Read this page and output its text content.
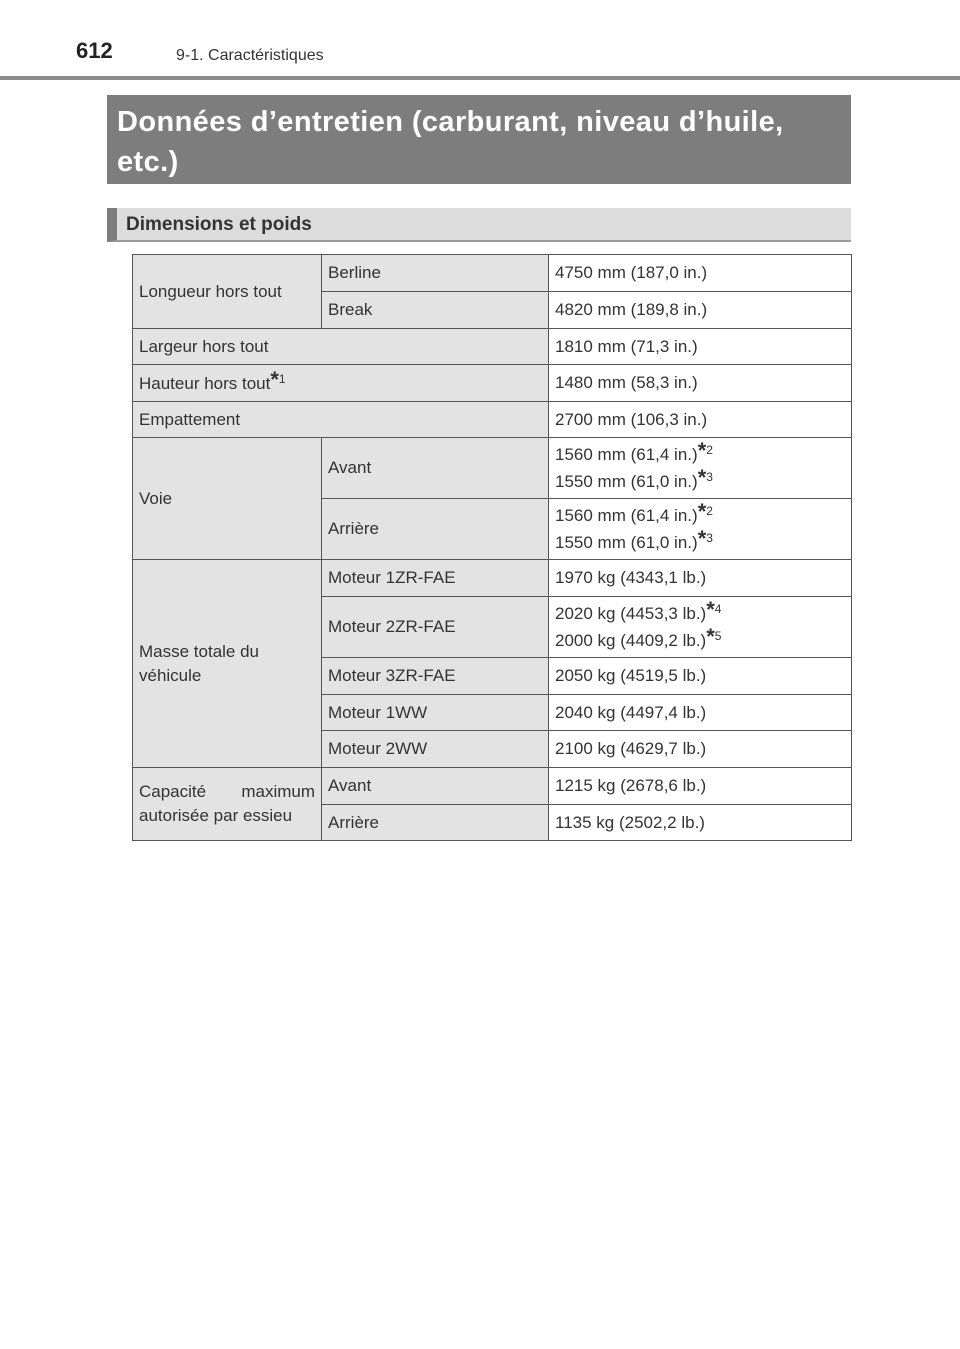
612	9-1. Caractéristiques
Données d’entretien (carburant, niveau d’huile,
etc.)
Dimensions et poids
Longueur hors tout	Berline	4750 mm (187,0 in.)
	Break	4820 mm (189,8 in.)
Largeur hors tout		1810 mm (71,3 in.)
Hauteur hors tout$^{*1}$		1480 mm (58,3 in.)
Empattement		2700 mm (106,3 in.)
Voie	Avant	1560 mm (61,4 in.)$^{*2}$
1550 mm (61,0 in.)$^{*3}$

	Arrière	1560 mm (61,4 in.)$^{*2}$
1550 mm (61,0 in.)$^{*3}$

Masse totale du
véhicule	Moteur 1ZR-FAE	1970 kg (4343,1 lb.)
	Moteur 2ZR-FAE	2020 kg (4453,3 lb.)$^{*4}$
2000 kg (4409,2 lb.)$^{*5}$

	Moteur 3ZR-FAE	2050 kg (4519,5 lb.)
	Moteur 1WW	2040 kg (4497,4 lb.)
	Moteur 2WW	2100 kg (4629,7 lb.)

Capacité maximum
autorisée par essieu	Avant	1215 kg (2678,6 lb.)
	Arrière	1135 kg (2502,2 lb.)
